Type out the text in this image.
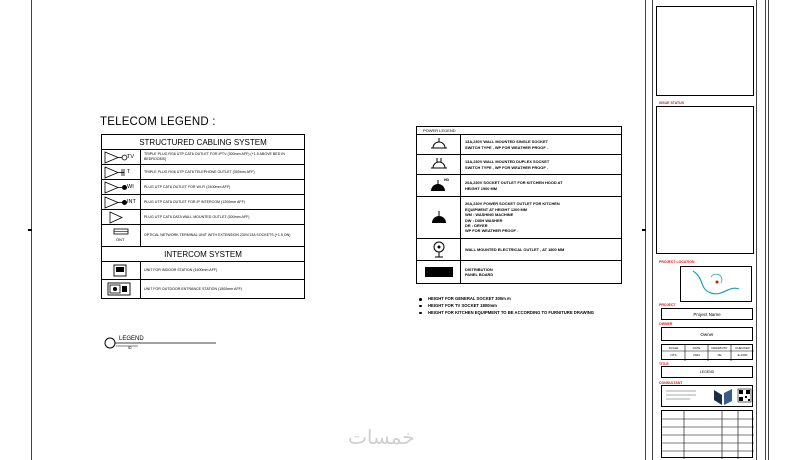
TELECOM LEGEND :
STRUCTURED CABLING SYSTEM
TV	TRIPLE PLUG RG6 UTP CAT6 OUTLET FOR IPTV (300mm AFF) (+1.5 ABOVE BED IN BEDROOMS)
T	TRIPLE PLUG RG6 UTP CAT6 TELEPHONE OUTLET (300mm AFF)
WI	PLUG UTP CAT6 OUTLET FOR WI-FI (2400mm AFF)
INT	PLUG UTP CAT6 OUTLET FOR IP INTERCOM (1200mm AFF)
PLUG UTP CAT6 DATA WALL MOUNTED OUTLET (300mm AFF)
ONT
OPTICAL NETWORK TERMINAL UNIT WITH EXTENSION 230V/13A SOCKETS (+1.5 ON)
INTERCOM SYSTEM
UNIT FOR INDOOR STATION (1500mm AFF)
UNIT FOR OUTDOOR ENTRANCE STATION (1500mm AFF)
LEGEND
ID
POWER LEGEND
13A,230V WALL MOUNTED SINGLE SOCKET
SWITCH TYPE , WP FOR WEATHER PROOF .
13A,230V WALL MOUNTED DUPLEX SOCKET
SWITCH TYPE , WP FOR WEATHER PROOF .
HD
20A,230V SOCKET OUTLET FOR KITCHEN HOOD AT
HEIGHT 1900 MM
20A,230V POWER SOCKET OUTLET FOR KITCHEN
EQUIPMENT AT HEIGHT 1200 MM
WM : WASHING MACHINE
DW : DISH WASHER
DR : DRYER
WP FOR WEATHER PROOF .
WALL MOUNTED ELECTRICAL OUTLET , AT 1800 MM
DISTRIBUTION
PANEL BOARD
HEIGHT FOR GENERAL SOCKET 300m m
HEIGHT FOR TV SOCKET 1800mm
HEIGHT FOR KITCHEN EQUIPMENT TO BE ACCORDING TO FURNITURE DRAWING
ISSUE STATUS
PROJECT LOCATION
PROJECT
Project Name
OWNER
Owner
SCALE	DATE	DRAWN BY	CHECKED
NTS	2024	SE	E-1000
TITLE
LEGEND
CONSULTANT
خمسات
